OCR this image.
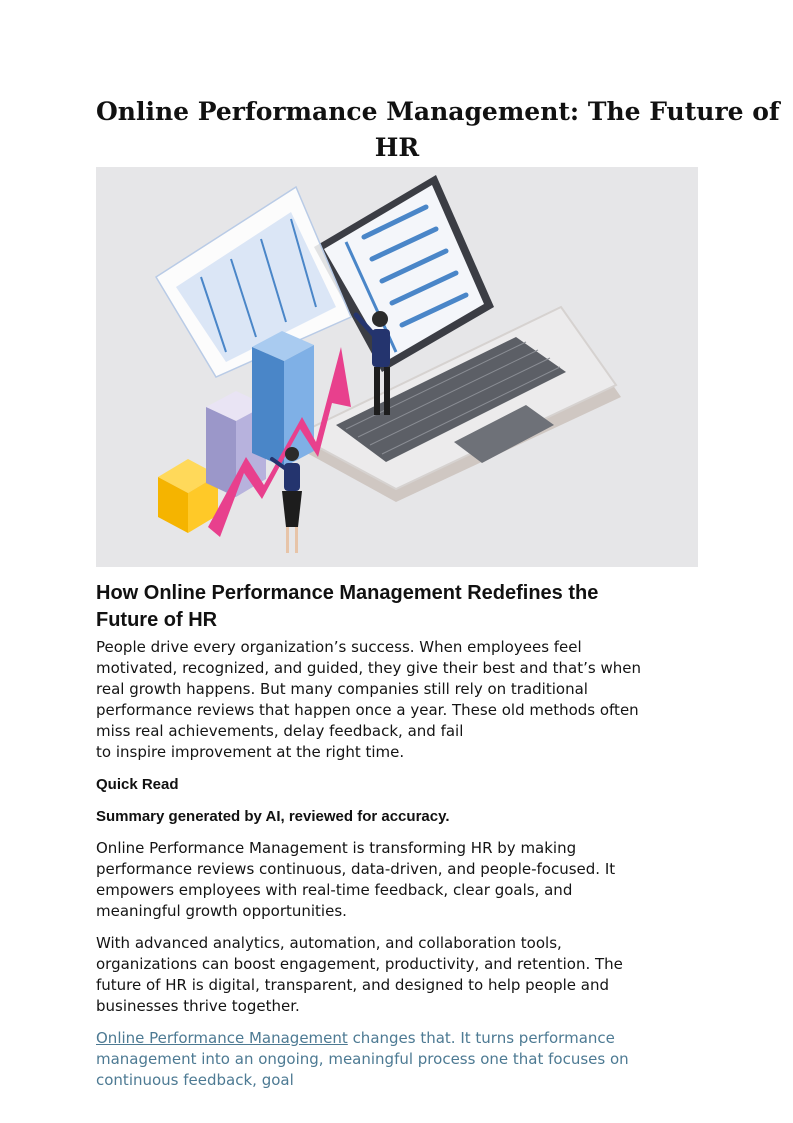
Online Performance Management: The Future of
HR
How Online Performance Management Redefines the
Future of HR

People drive every organization’s success. When employees feel
motivated, recognized, and guided, they give their best and that’s when
real growth happens. But many companies still rely on traditional
performance reviews that happen once a year. These old methods often
miss real achievements, delay feedback, and fail
to inspire improvement at the right time.

Quick Read

Summary generated by AI, reviewed for accuracy.

Online Performance Management is transforming HR by making
performance reviews continuous, data-driven, and people-focused. It
empowers employees with real-time feedback, clear goals, and
meaningful growth opportunities.

With advanced analytics, automation, and collaboration tools,
organizations can boost engagement, productivity, and retention. The
future of HR is digital, transparent, and designed to help people and
businesses thrive together.

Online Performance Management changes that. It turns performance
management into an ongoing, meaningful process one that focuses on
continuous feedback, goal
